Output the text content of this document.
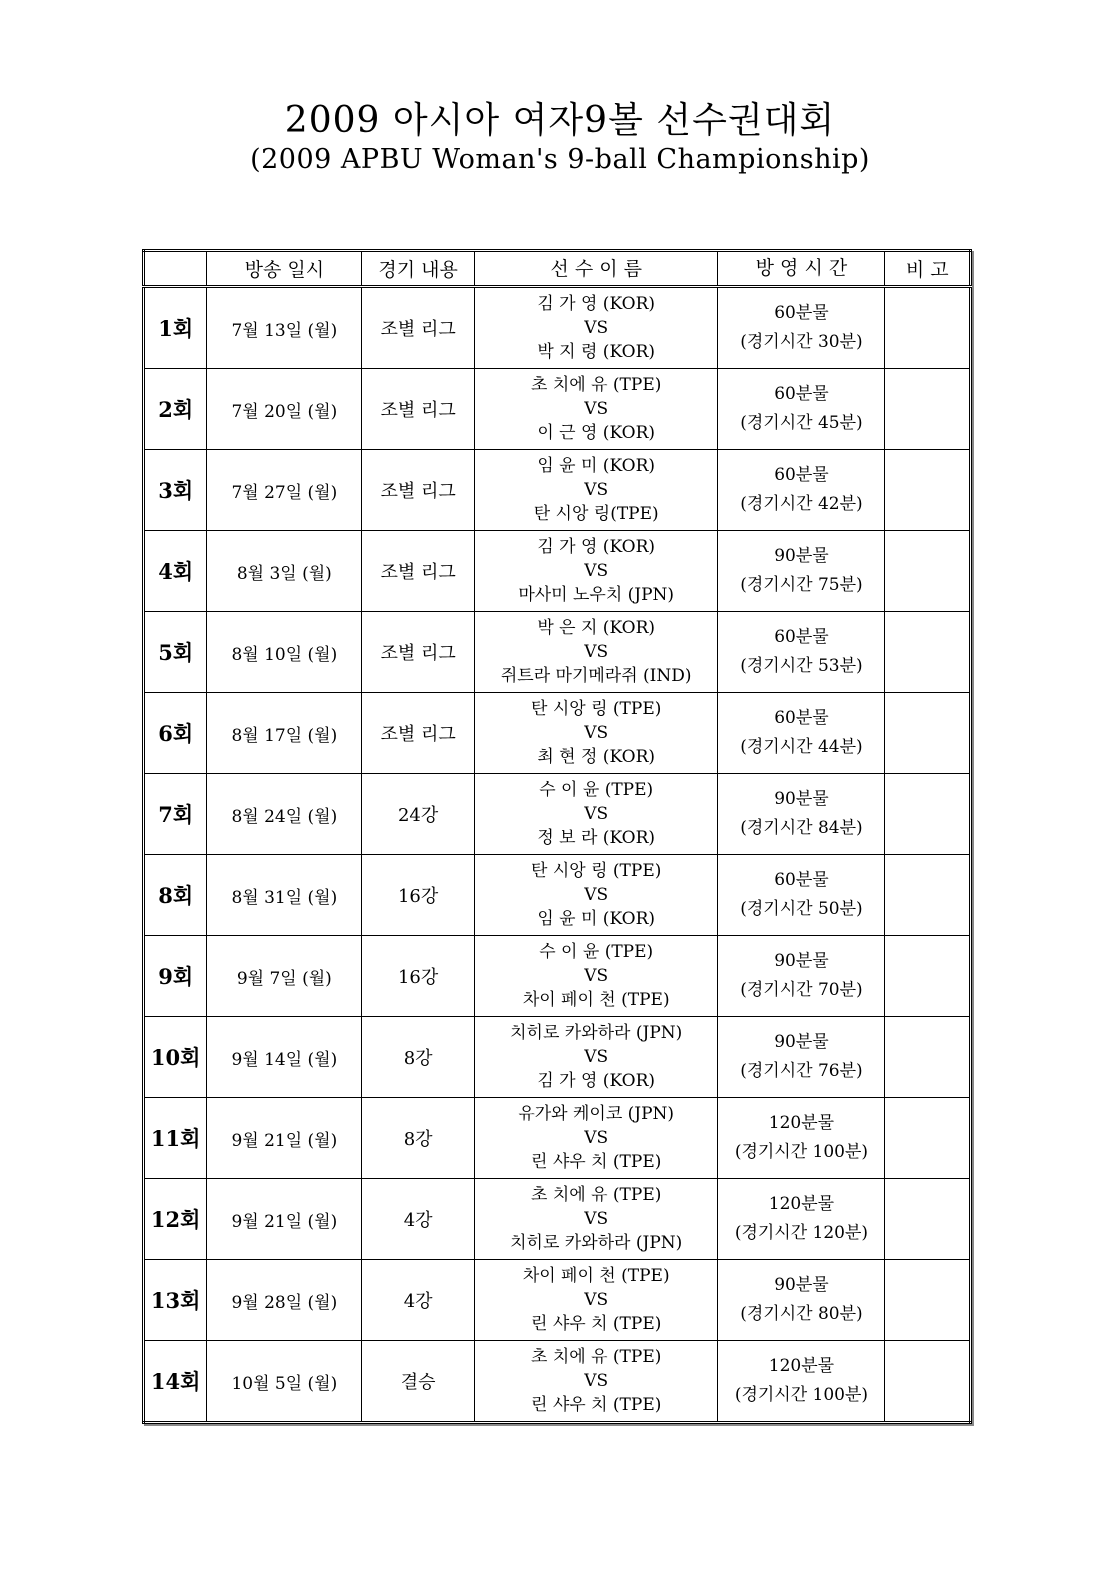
2009 아시아 여자9볼 선수권대회
(2009 APBU Woman's 9-ball Championship)
	방송 일시	경기 내용	선 수 이 름	방 영 시 간	비 고
1회	7월 13일 (월)	조별 리그	김 가 영 (KOR)
VS
박 지 령 (KOR)	60분물
(경기시간 30분)	

2회	7월 20일 (월)	조별 리그	초 치에 유 (TPE)
VS
이 근 영 (KOR)	60분물
(경기시간 45분)	

3회	7월 27일 (월)	조별 리그	임 윤 미 (KOR)
VS
탄 시앙 링(TPE)	60분물
(경기시간 42분)	

4회	8월 3일 (월)	조별 리그	김 가 영 (KOR)
VS
마사미 노우치 (JPN)	90분물
(경기시간 75분)	

5회	8월 10일 (월)	조별 리그	박 은 지 (KOR)
VS
쥐트라 마기메라쥐 (IND)	60분물
(경기시간 53분)	

6회	8월 17일 (월)	조별 리그	탄 시앙 링 (TPE)
VS
최 현 정 (KOR)	60분물
(경기시간 44분)	

7회	8월 24일 (월)	24강	수 이 윤 (TPE)
VS
정 보 라 (KOR)	90분물
(경기시간 84분)	

8회	8월 31일 (월)	16강	탄 시앙 링 (TPE)
VS
임 윤 미 (KOR)	60분물
(경기시간 50분)	

9회	9월 7일 (월)	16강	수 이 윤 (TPE)
VS
차이 페이 천 (TPE)	90분물
(경기시간 70분)	

10회	9월 14일 (월)	8강	치히로 카와하라 (JPN)
VS
김 가 영 (KOR)	90분물
(경기시간 76분)	

11회	9월 21일 (월)	8강	유가와 케이코 (JPN)
VS
린 샤우 치 (TPE)	120분물
(경기시간 100분)	

12회	9월 21일 (월)	4강	초 치에 유 (TPE)
VS
치히로 카와하라 (JPN)	120분물
(경기시간 120분)	

13회	9월 28일 (월)	4강	차이 페이 천 (TPE)
VS
린 샤우 치 (TPE)	90분물
(경기시간 80분)	

14회	10월 5일 (월)	결승	초 치에 유 (TPE)
VS
린 샤우 치 (TPE)	120분물
(경기시간 100분)	
